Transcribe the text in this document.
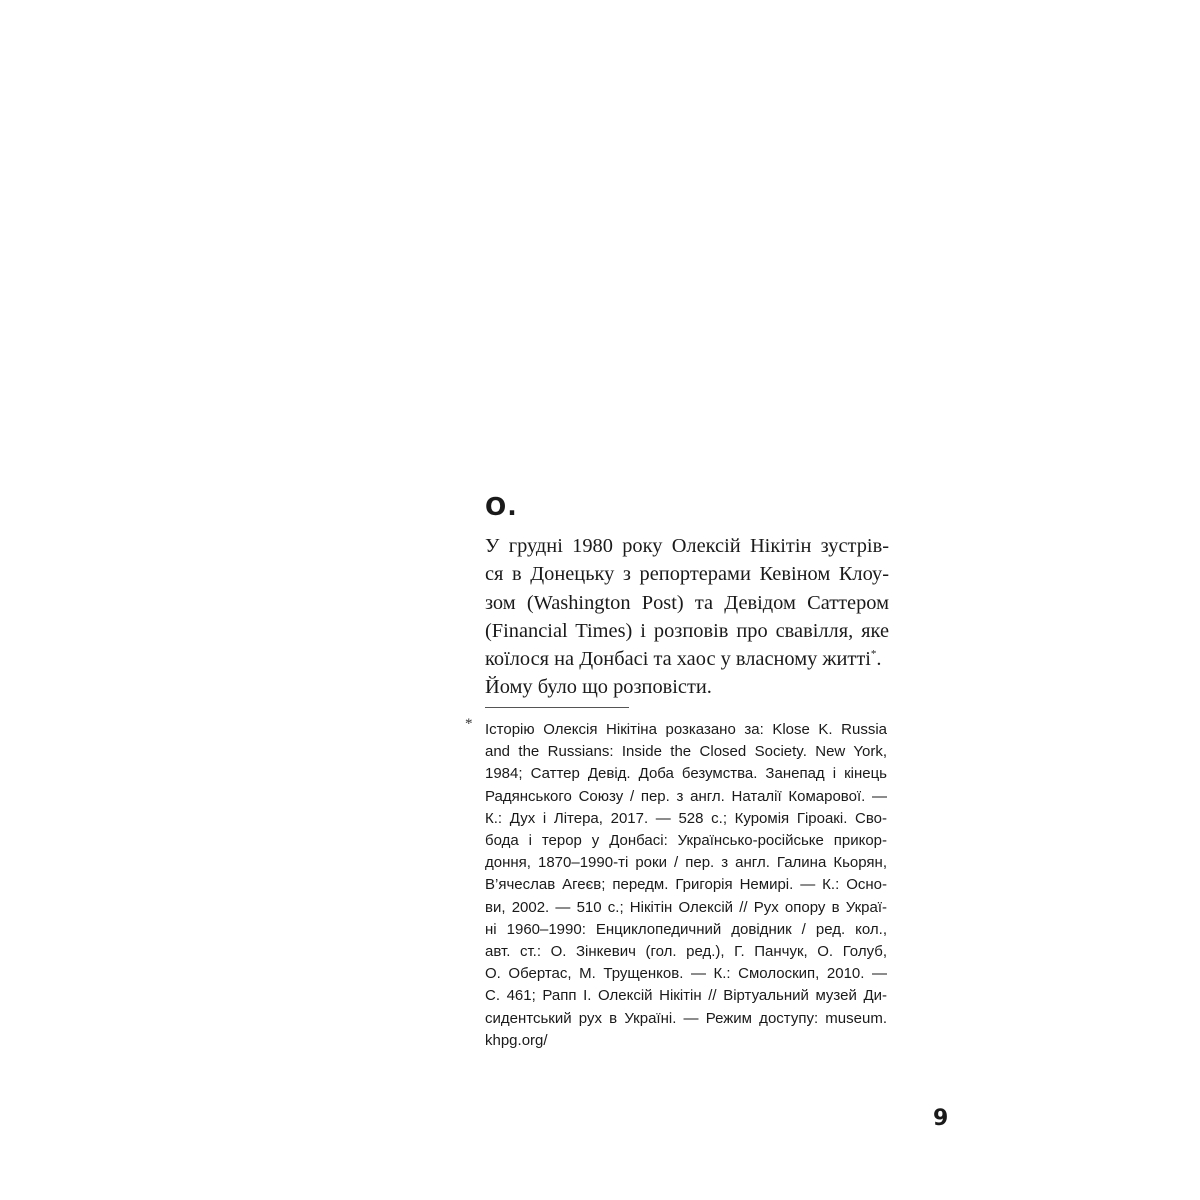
О.
У грудні 1980 року Олексій Нікітін зустрів-
ся в Донецьку з репортерами Кевіном Клоу-
зом (Washington Post) та Девідом Саттером
(Financial Times) і розповів про свавілля, яке
коїлося на Донбасі та хаос у власному житті*.
Йому було що розповісти.
* Історію Олексія Нікітіна розказано за: Klose K. Russia
and the Russians: Inside the Closed Society. New York,
1984; Саттер Девід. Доба безумства. Занепад і кінець
Радянського Союзу / пер. з англ. Наталії Комарової. —
К.: Дух і Літера, 2017. — 528 с.; Куромія Гіроакі. Сво-
бода і терор у Донбасі: Українсько-російське прикор-
доння, 1870–1990-ті роки / пер. з англ. Галина Кьорян,
В’ячеслав Агеєв; передм. Григорія Немирі. — К.: Осно-
ви, 2002. — 510 с.; Нікітін Олексій // Рух опору в Украї-
ні 1960–1990: Енциклопедичний довідник / ред. кол.,
авт. ст.: О. Зінкевич (гол. ред.), Г. Панчук, О. Голуб,
О. Обертас, М. Трущенков. — К.: Смолоскип, 2010. —
С. 461; Рапп І. Олексій Нікітін // Віртуальний музей Ди-
сидентський рух в Україні. — Режим доступу: museum.
khpg.org/
9
